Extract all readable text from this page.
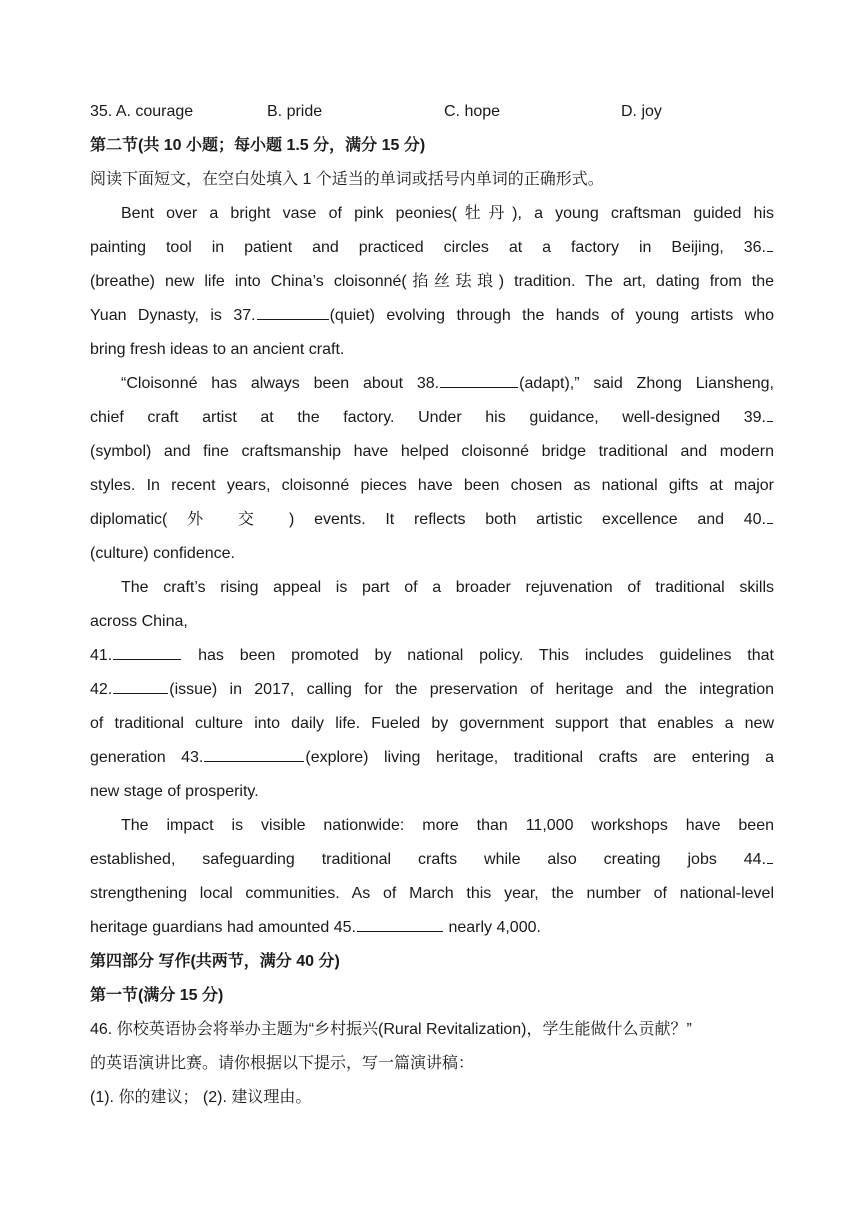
35. A. courage	B. pride	C. hope	D. joy
第二节(共 10 小题；每小题 1.5 分，满分 15 分)
阅读下面短文，在空白处填入 1 个适当的单词或括号内单词的正确形式。

Bent over a bright vase of pink peonies(牡丹), a young craftsman guided his

painting tool in patient and practiced circles at a factory in Beijing, 36.

(breathe) new life into China’s cloisonné(掐丝珐琅) tradition. The art, dating from the

Yuan Dynasty, is 37.	(quiet) evolving through the hands of young artists who

bring fresh ideas to an ancient craft.

“Cloisonné has always been about 38.	(adapt),” said Zhong Liansheng,

chief craft artist at the factory. Under his guidance, well-designed 39.

(symbol) and fine craftsmanship have helped cloisonné bridge traditional and modern

styles. In recent years, cloisonné pieces have been chosen as national gifts at major

diplomatic( 外 交 ) events. It reflects both artistic excellence and 40.

(culture) confidence.

The craft’s rising appeal is part of a broader rejuvenation of traditional skills

across China,

41.	has been promoted by national policy. This includes guidelines that

42.	(issue) in 2017, calling for the preservation of heritage and the integration

of traditional culture into daily life. Fueled by government support that enables a new

generation 43.	(explore) living heritage, traditional crafts are entering a

new stage of prosperity.

The impact is visible nationwide: more than 11,000 workshops have been

established, safeguarding traditional crafts while also creating jobs 44.

strengthening local communities. As of March this year, the number of national-level

heritage guardians had amounted 45.	nearly 4,000.

第四部分 写作(共两节，满分 40 分)
第一节(满分 15 分)
46. 你校英语协会将举办主题为“乡村振兴(Rural Revitalization)，学生能做什么贡献？”
的英语演讲比赛。请你根据以下提示，写一篇演讲稿：
(1). 你的建议； (2). 建议理由。
